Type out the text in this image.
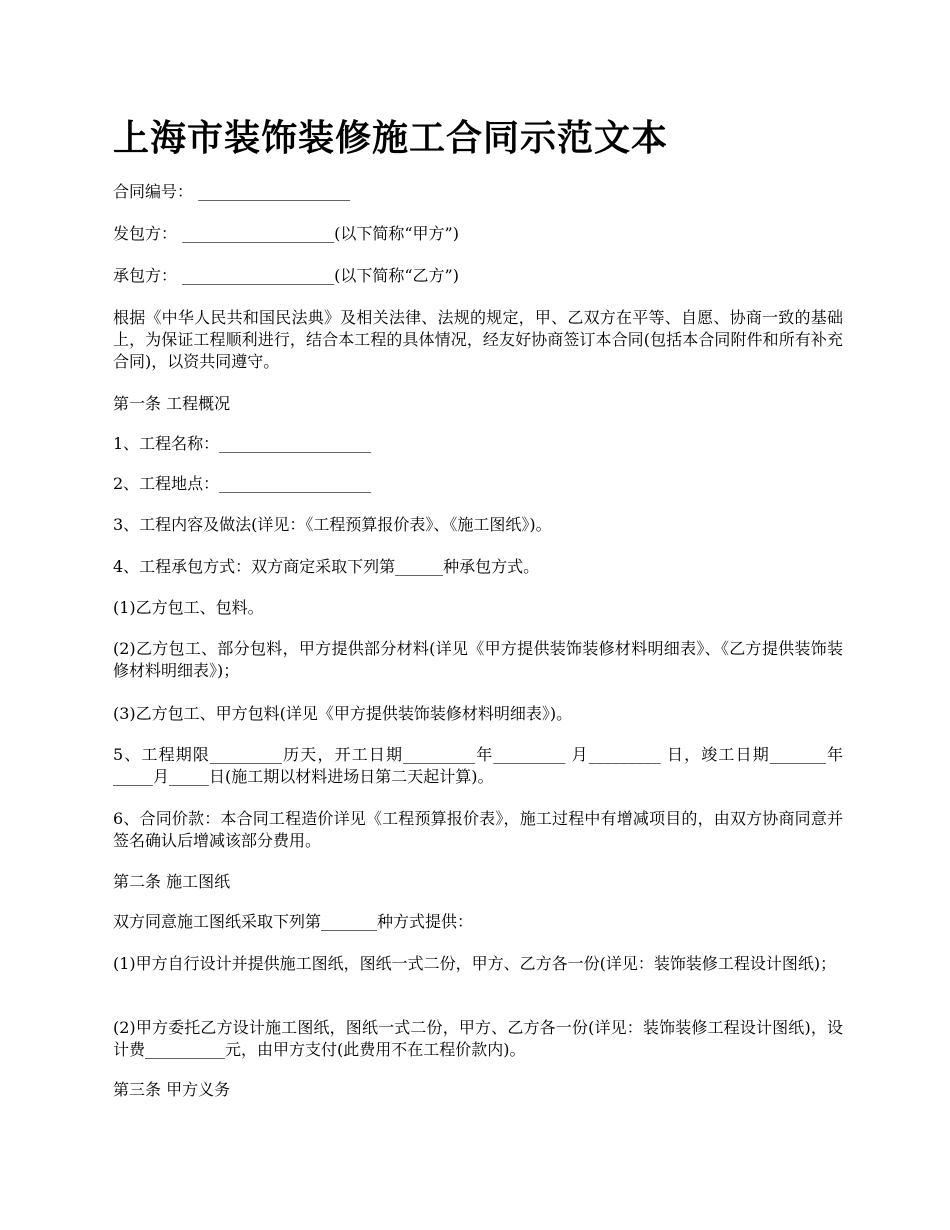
上海市装饰装修施工合同示范文本

合同编号： ___________________

发包方： ___________________(以下简称“甲方”)

承包方： ___________________(以下简称“乙方”)

根据《中华人民共和国民法典》及相关法律、法规的规定，甲、乙双方在平等、自愿、协商一致的基础上，为保证工程顺利进行，结合本工程的具体情况，经友好协商签订本合同(包括本合同附件和所有补充合同)，以资共同遵守。

第一条 工程概况

1、工程名称：___________________

2、工程地点：___________________

3、工程内容及做法(详见：《工程预算报价表》、《施工图纸》)。

4、工程承包方式：双方商定采取下列第______种承包方式。

(1)乙方包工、包料。

(2)乙方包工、部分包料，甲方提供部分材料(详见《甲方提供装饰装修材料明细表》、《乙方提供装饰装修材料明细表》)；

(3)乙方包工、甲方包料(详见《甲方提供装饰装修材料明细表》)。

5、工程期限_________历天，开工日期_________年_________ 月_________ 日，竣工日期_______年_____月_____日(施工期以材料进场日第二天起计算)。

6、合同价款：本合同工程造价详见《工程预算报价表》，施工过程中有增减项目的，由双方协商同意并签名确认后增减该部分费用。

第二条 施工图纸

双方同意施工图纸采取下列第_______种方式提供：

(1)甲方自行设计并提供施工图纸，图纸一式二份，甲方、乙方各一份(详见：装饰装修工程设计图纸)；

(2)甲方委托乙方设计施工图纸，图纸一式二份，甲方、乙方各一份(详见：装饰装修工程设计图纸)，设计费__________元，由甲方支付(此费用不在工程价款内)。

第三条 甲方义务
